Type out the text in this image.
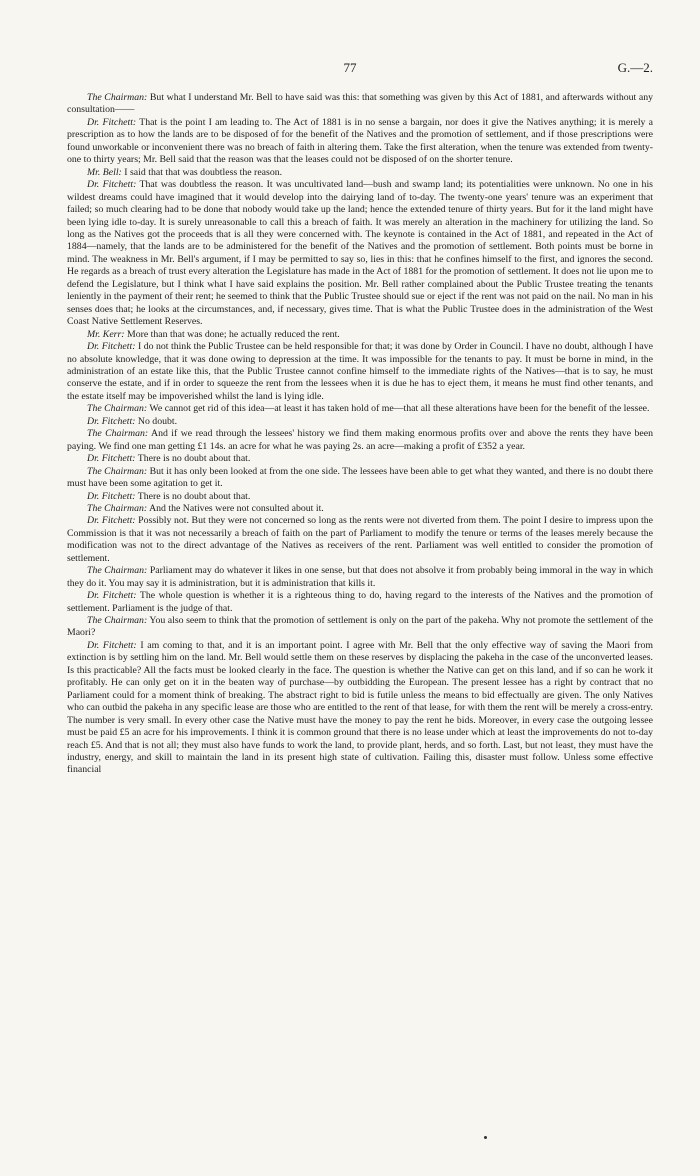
77	G.—2.

The Chairman: But what I understand Mr. Bell to have said was this: that something was given by this Act of 1881, and afterwards without any consultation——

Dr. Fitchett: That is the point I am leading to. The Act of 1881 is in no sense a bargain, nor does it give the Natives anything; it is merely a prescription as to how the lands are to be disposed of for the benefit of the Natives and the promotion of settlement, and if those prescriptions were found unworkable or inconvenient there was no breach of faith in altering them. Take the first alteration, when the tenure was extended from twenty-one to thirty years; Mr. Bell said that the reason was that the leases could not be disposed of on the shorter tenure.

Mr. Bell: I said that that was doubtless the reason.

Dr. Fitchett: That was doubtless the reason. It was uncultivated land—bush and swamp land; its potentialities were unknown. No one in his wildest dreams could have imagined that it would develop into the dairying land of to-day. The twenty-one years' tenure was an experiment that failed; so much clearing had to be done that nobody would take up the land; hence the extended tenure of thirty years. But for it the land might have been lying idle to-day. It is surely unreasonable to call this a breach of faith. It was merely an alteration in the machinery for utilizing the land. So long as the Natives got the proceeds that is all they were concerned with. The keynote is contained in the Act of 1881, and repeated in the Act of 1884—namely, that the lands are to be administered for the benefit of the Natives and the promotion of settlement. Both points must be borne in mind. The weakness in Mr. Bell's argument, if I may be permitted to say so, lies in this: that he confines himself to the first, and ignores the second. He regards as a breach of trust every alteration the Legislature has made in the Act of 1881 for the promotion of settlement. It does not lie upon me to defend the Legislature, but I think what I have said explains the position. Mr. Bell rather complained about the Public Trustee treating the tenants leniently in the payment of their rent; he seemed to think that the Public Trustee should sue or eject if the rent was not paid on the nail. No man in his senses does that; he looks at the circumstances, and, if necessary, gives time. That is what the Public Trustee does in the administration of the West Coast Native Settlement Reserves.

Mr. Kerr: More than that was done; he actually reduced the rent.

Dr. Fitchett: I do not think the Public Trustee can be held responsible for that; it was done by Order in Council. I have no doubt, although I have no absolute knowledge, that it was done owing to depression at the time. It was impossible for the tenants to pay. It must be borne in mind, in the administration of an estate like this, that the Public Trustee cannot confine himself to the immediate rights of the Natives—that is to say, he must conserve the estate, and if in order to squeeze the rent from the lessees when it is due he has to eject them, it means he must find other tenants, and the estate itself may be impoverished whilst the land is lying idle.

The Chairman: We cannot get rid of this idea—at least it has taken hold of me—that all these alterations have been for the benefit of the lessee.

Dr. Fitchett: No doubt.

The Chairman: And if we read through the lessees' history we find them making enormous profits over and above the rents they have been paying. We find one man getting £1 14s. an acre for what he was paying 2s. an acre—making a profit of £352 a year.

Dr. Fitchett: There is no doubt about that.

The Chairman: But it has only been looked at from the one side. The lessees have been able to get what they wanted, and there is no doubt there must have been some agitation to get it.

Dr. Fitchett: There is no doubt about that.

The Chairman: And the Natives were not consulted about it.

Dr. Fitchett: Possibly not. But they were not concerned so long as the rents were not diverted from them. The point I desire to impress upon the Commission is that it was not necessarily a breach of faith on the part of Parliament to modify the tenure or terms of the leases merely because the modification was not to the direct advantage of the Natives as receivers of the rent. Parliament was well entitled to consider the promotion of settlement.

The Chairman: Parliament may do whatever it likes in one sense, but that does not absolve it from probably being immoral in the way in which they do it. You may say it is administration, but it is administration that kills it.

Dr. Fitchett: The whole question is whether it is a righteous thing to do, having regard to the interests of the Natives and the promotion of settlement. Parliament is the judge of that.

The Chairman: You also seem to think that the promotion of settlement is only on the part of the pakeha. Why not promote the settlement of the Maori?

Dr. Fitchett: I am coming to that, and it is an important point. I agree with Mr. Bell that the only effective way of saving the Maori from extinction is by settling him on the land. Mr. Bell would settle them on these reserves by displacing the pakeha in the case of the unconverted leases. Is this practicable? All the facts must be looked clearly in the face. The question is whether the Native can get on this land, and if so can he work it profitably. He can only get on it in the beaten way of purchase—by outbidding the European. The present lessee has a right by contract that no Parliament could for a moment think of breaking. The abstract right to bid is futile unless the means to bid effectually are given. The only Natives who can outbid the pakeha in any specific lease are those who are entitled to the rent of that lease, for with them the rent will be merely a cross-entry. The number is very small. In every other case the Native must have the money to pay the rent he bids. Moreover, in every case the outgoing lessee must be paid £5 an acre for his improvements. I think it is common ground that there is no lease under which at least the improvements do not to-day reach £5. And that is not all; they must also have funds to work the land, to provide plant, herds, and so forth. Last, but not least, they must have the industry, energy, and skill to maintain the land in its present high state of cultivation. Failing this, disaster must follow. Unless some effective financial
